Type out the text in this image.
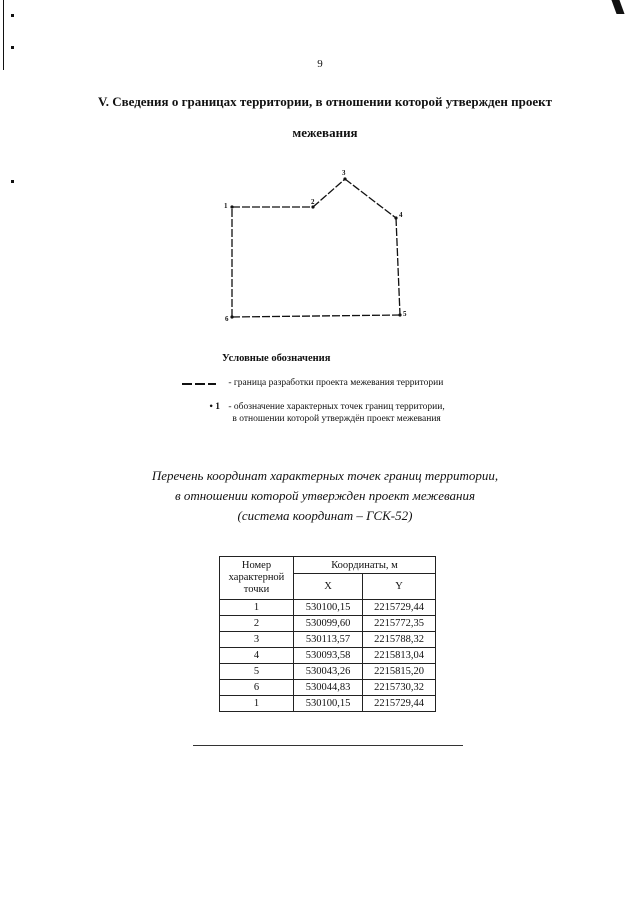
9
V. Сведения о границах территории, в отношении которой утвержден проект
межевания
1	2
3
4
5
6
Условные обозначения
- граница разработки проекта межевания территории
• 1 - обозначение характерных точек границ территории,
в отношении которой утверждён проект межевания
Перечень координат характерных точек границ территории,
в отношении которой утвержден проект межевания
(система координат – ГСК-52)
Номер характерной точки	Координаты, м	
	X	Y
1	530100,15	2215729,44
2	530099,60	2215772,35
3	530113,57	2215788,32
4	530093,58	2215813,04
5	530043,26	2215815,20
6	530044,83	2215730,32
1	530100,15	2215729,44
